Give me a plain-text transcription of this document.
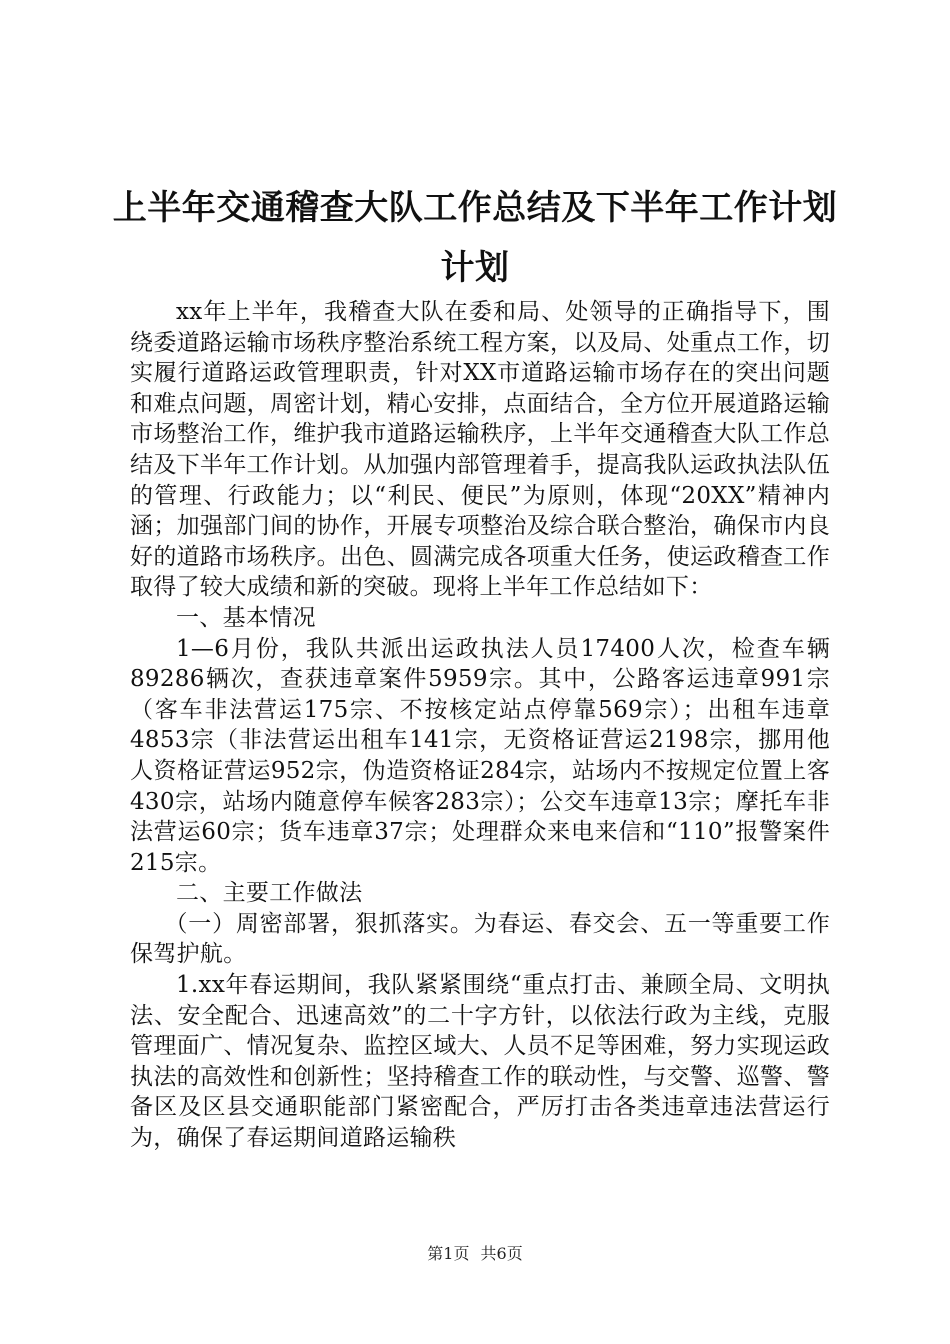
上半年交通稽查大队工作总结及下半年工作计划计划

xx年上半年，我稽查大队在委和局、处领导的正确指导下，围绕委道路运输市场秩序整治系统工程方案，以及局、处重点工作，切实履行道路运政管理职责，针对XX市道路运输市场存在的突出问题和难点问题，周密计划，精心安排，点面结合，全方位开展道路运输市场整治工作，维护我市道路运输秩序，上半年交通稽查大队工作总结及下半年工作计划。从加强内部管理着手，提高我队运政执法队伍的管理、行政能力；以“利民、便民”为原则，体现“20XX”精神内涵；加强部门间的协作，开展专项整治及综合联合整治，确保市内良好的道路市场秩序。出色、圆满完成各项重大任务，使运政稽查工作取得了较大成绩和新的突破。现将上半年工作总结如下：

一、基本情况

1—6月份，我队共派出运政执法人员17400人次，检查车辆89286辆次，查获违章案件5959宗。其中，公路客运违章991宗（客车非法营运175宗、不按核定站点停靠569宗）；出租车违章4853宗（非法营运出租车141宗，无资格证营运2198宗，挪用他人资格证营运952宗，伪造资格证284宗，站场内不按规定位置上客430宗，站场内随意停车候客283宗）；公交车违章13宗；摩托车非法营运60宗；货车违章37宗；处理群众来电来信和“110”报警案件215宗。

二、主要工作做法

（一）周密部署，狠抓落实。为春运、春交会、五一等重要工作保驾护航。

1.xx年春运期间，我队紧紧围绕“重点打击、兼顾全局、文明执法、安全配合、迅速高效”的二十字方针，以依法行政为主线，克服管理面广、情况复杂、监控区域大、人员不足等困难，努力实现运政执法的高效性和创新性；坚持稽查工作的联动性，与交警、巡警、警备区及区县交通职能部门紧密配合，严厉打击各类违章违法营运行为，确保了春运期间道路运输秩

第1页 共6页
